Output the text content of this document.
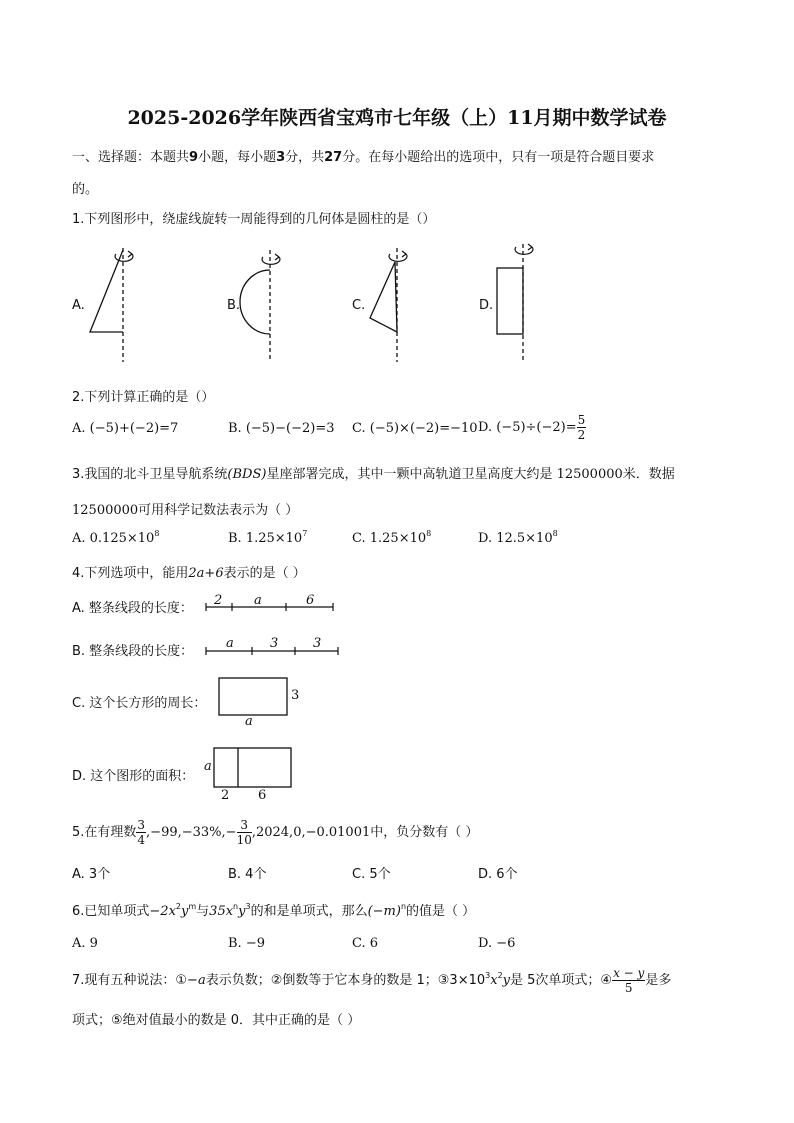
2025-2026学年陕西省宝鸡市七年级（上）11月期中数学试卷
一、选择题：本题共9小题，每小题3分，共27分。在每小题给出的选项中，只有一项是符合题目要求
的。
1.下列图形中，绕虚线旋转一周能得到的几何体是圆柱的是（）
A.	B.	C.	D.
2.下列计算正确的是（）
A. (−5)+(−2)=7	B. (−5)−(−2)=3 C. (−5)×(−2)=−10 D. $(-5)\div(-2)= \frac{5}{2}$
3.我国的北斗卫星导航系统(BDS)星座部署完成，其中一颗中高轨道卫星高度大约是 12500000米．数据
12500000可用科学记数法表示为（ ）
A. $0.125\times 10^8$	B. $1.25\times 10^7$	C. $1.25\times 10^8$	D. $12.5\times 10^8$
4.下列选项中，能用2a+6表示的是（ ）
A. 整条线段的长度：
2 a	6
B. 整条线段的长度：
a	3	3
C. 这个长方形的周长：
3
a
D. 这个图形的面积：
a
2 6
5.在有理数 $\frac{3}{4} ,-99,-33\%,- \frac{3}{10} ,2024,0,-0.01001$中，负分数有（ ）
A. 3个	B. 4个	C. 5个	D. 6个
6.已知单项式$-2x^2y^m$与$35x^ny^3$的和是单项式，那么$(-m)^n$的值是（ ）
A. 9	B. −9	C. 6	D. −6
7.现有五种说法：①−a表示负数；②倒数等于它本身的数是 1；$③3\times 10^3x^2y$是 5次单项式；④ $\frac{x - y}{5}$ 是多
项式；⑤绝对值最小的数是 0．其中正确的是（ ）
